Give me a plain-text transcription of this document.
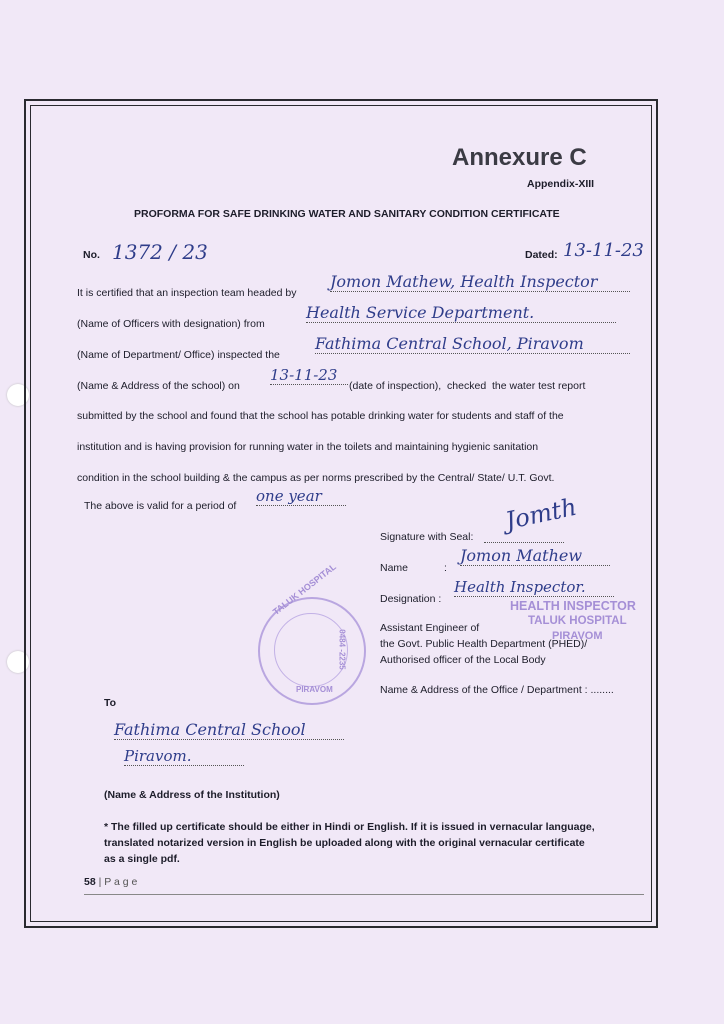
Annexure C
Appendix-XIII
PROFORMA FOR SAFE DRINKING WATER AND SANITARY CONDITION CERTIFICATE
No. 1372 / 23	Dated: 13-11-23
It is certified that an inspection team headed by
Jomon Mathew, Health Inspector
(Name of Officers with designation) from
Health Service Department.
(Name of Department/ Office) inspected the
Fathima Central School, Piravom
(Name & Address of the school) on
13-11-23
(date of inspection),  checked  the water test report
submitted by the school and found that the school has potable drinking water for students and staff of the
institution and is having provision for running water in the toilets and maintaining hygienic sanitation
condition in the school building & the campus as per norms prescribed by the Central/ State/ U.T. Govt.
The above is valid for a period of
one year
Signature with Seal:
Jomth
Name	:
Jomon Mathew
Designation :
Health Inspector.
HEALTH INSPECTOR
TALUK HOSPITAL
PIRAVOM
Assistant Engineer of
the Govt. Public Health Department (PHED)/
Authorised officer of the Local Body
Name & Address of the Office / Department : ........
TALUK HOSPITAL
0484 -2235
PIRAVOM
To
Fathima Central School
Piravom.
(Name & Address of the Institution)
* The filled up certificate should be either in Hindi or English. If it is issued in vernacular language,
translated notarized version in English be uploaded along with the original vernacular certificate
as a single pdf.
58 | P a g e
